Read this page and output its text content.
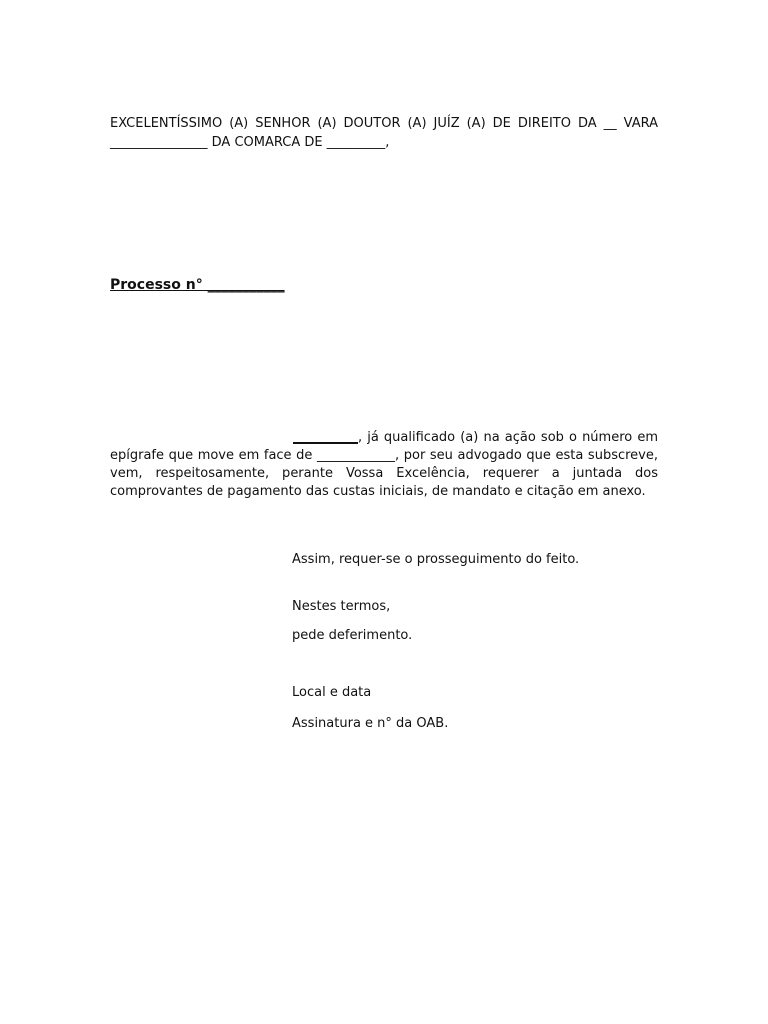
EXCELENTÍSSIMO (A) SENHOR (A) DOUTOR (A) JUÍZ (A) DE DIREITO DA __ VARA
_______________ DA COMARCA DE _________,
Processo n° ___________
__________, já qualificado (a) na ação sob o número em
epígrafe que move em face de ____________, por seu advogado que esta subscreve,
vem, respeitosamente, perante Vossa Excelência, requerer a juntada dos
comprovantes de pagamento das custas iniciais, de mandato e citação em anexo.
Assim, requer-se o prosseguimento do feito.
Nestes termos,
pede deferimento.
Local e data
Assinatura e n° da OAB.
